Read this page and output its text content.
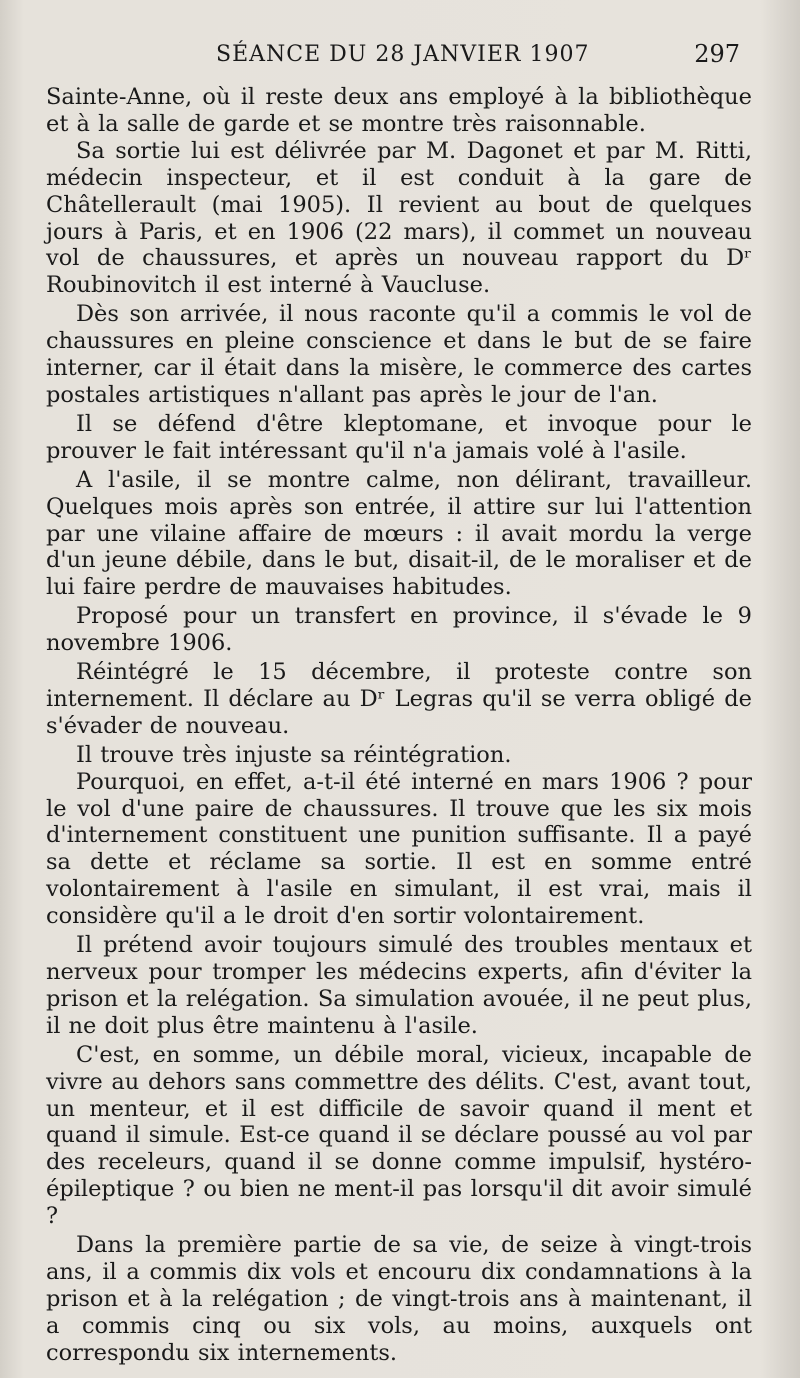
SÉANCE DU 28 JANVIER 1907	297

Sainte-Anne, où il reste deux ans employé à la bibliothèque et à la salle de garde et se montre très raisonnable.

Sa sortie lui est délivrée par M. Dagonet et par M. Ritti, médecin inspecteur, et il est conduit à la gare de Châtellerault (mai 1905). Il revient au bout de quelques jours à Paris, et en 1906 (22 mars), il commet un nouveau vol de chaussures, et après un nouveau rapport du Dʳ Roubinovitch il est interné à Vaucluse.

Dès son arrivée, il nous raconte qu'il a commis le vol de chaussures en pleine conscience et dans le but de se faire interner, car il était dans la misère, le commerce des cartes postales artistiques n'allant pas après le jour de l'an.

Il se défend d'être kleptomane, et invoque pour le prouver le fait intéressant qu'il n'a jamais volé à l'asile.

A l'asile, il se montre calme, non délirant, travailleur. Quelques mois après son entrée, il attire sur lui l'attention par une vilaine affaire de mœurs : il avait mordu la verge d'un jeune débile, dans le but, disait-il, de le moraliser et de lui faire perdre de mauvaises habitudes.

Proposé pour un transfert en province, il s'évade le 9 novembre 1906.

Réintégré le 15 décembre, il proteste contre son internement. Il déclare au Dʳ Legras qu'il se verra obligé de s'évader de nouveau.

Il trouve très injuste sa réintégration.

Pourquoi, en effet, a-t-il été interné en mars 1906 ? pour le vol d'une paire de chaussures. Il trouve que les six mois d'internement constituent une punition suffisante. Il a payé sa dette et réclame sa sortie. Il est en somme entré volontairement à l'asile en simulant, il est vrai, mais il considère qu'il a le droit d'en sortir volontairement.

Il prétend avoir toujours simulé des troubles mentaux et nerveux pour tromper les médecins experts, afin d'éviter la prison et la relégation. Sa simulation avouée, il ne peut plus, il ne doit plus être maintenu à l'asile.

C'est, en somme, un débile moral, vicieux, incapable de vivre au dehors sans commettre des délits. C'est, avant tout, un menteur, et il est difficile de savoir quand il ment et quand il simule. Est-ce quand il se déclare poussé au vol par des receleurs, quand il se donne comme impulsif, hystéro-épileptique ? ou bien ne ment-il pas lorsqu'il dit avoir simulé ?

Dans la première partie de sa vie, de seize à vingt-trois ans, il a commis dix vols et encouru dix condamnations à la prison et à la relégation ; de vingt-trois ans à maintenant, il a commis cinq ou six vols, au moins, auxquels ont correspondu six internements.
